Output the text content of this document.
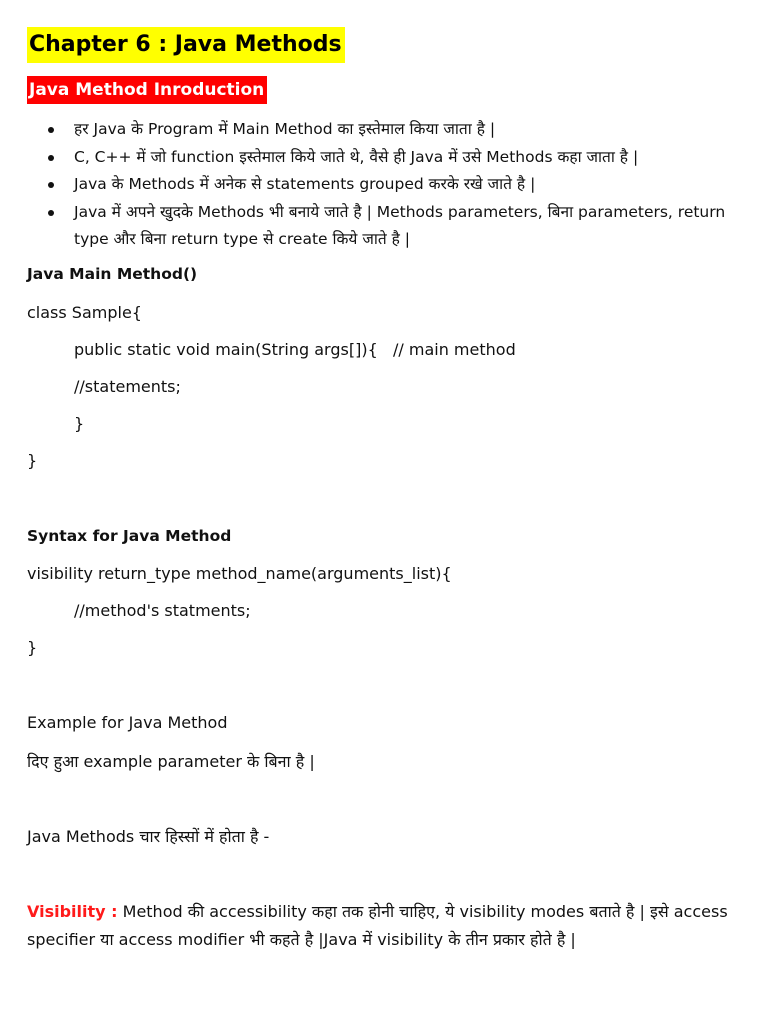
Chapter 6 : Java Methods
Java Method Inroduction
हर Java के Program में Main Method का इस्तेमाल किया जाता है |
C, C++ में जो function इस्तेमाल किये जाते थे, वैसे ही Java में उसे Methods कहा जाता है |
Java के Methods में अनेक से statements grouped करके रखे जाते है |
Java में अपने खुदके Methods भी बनाये जाते है | Methods parameters, बिना parameters, return type और बिना return type से create किये जाते है |
Java Main Method()
class Sample{
public static void main(String args[]){   // main method
//statements;
}
}
Syntax for Java Method
visibility return_type method_name(arguments_list){
//method's statments;
}
Example for Java Method
दिए हुआ example parameter के बिना है |
Java Methods चार हिस्सों में होता है -
Visibility : Method की accessibility कहा तक होनी चाहिए, ये visibility modes बताते है | इसे access specifier या access modifier भी कहते है |Java में visibility के तीन प्रकार होते है |
